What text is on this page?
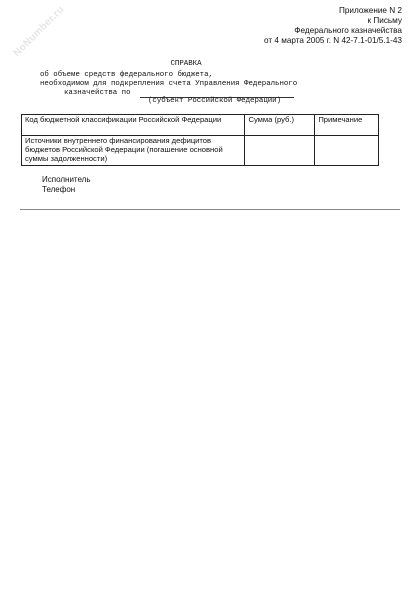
NoNumber.ru	Приложение N 2
к Письму
Федерального казначейства
от 4 марта 2005 г. N 42-7.1-01/5.1-43
СПРАВКА
об объеме средств федерального бюджета,
необходимом для подкрепления счета Управления Федерального
казначейства по
(субъект Российской Федерации)
Код бюджетной классификации Российской Федерации	Сумма (руб.)	Примечание
Источники внутреннего финансирования дефицитов бюджетов Российской Федерации (погашение основной суммы задолженности)		
Исполнитель
Телефон
